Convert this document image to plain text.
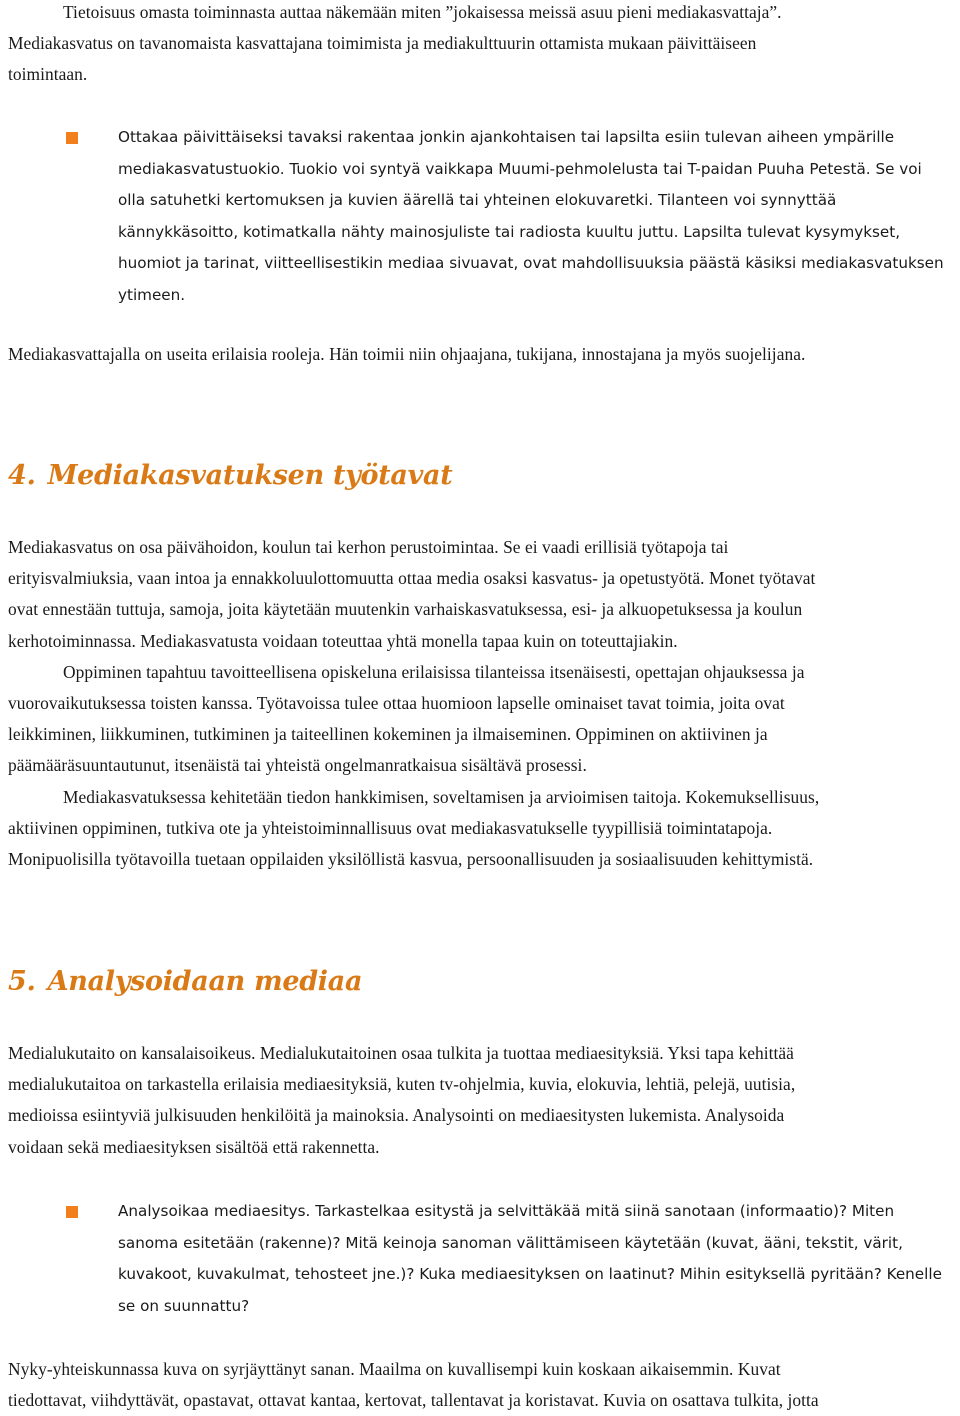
Tietoisuus omasta toiminnasta auttaa näkemään miten ”jokaisessa meissä asuu pieni mediakasvattaja”.

Mediakasvatus on tavanomaista kasvattajana toimimista ja mediakulttuurin ottamista mukaan päivittäiseen

toimintaan.

Ottakaa päivittäiseksi tavaksi rakentaa jonkin ajankohtaisen tai lapsilta esiin tulevan aiheen ympärille

mediakasvatustuokio. Tuokio voi syntyä vaikkapa Muumi-pehmolelusta tai T-paidan Puuha Petestä. Se voi

olla satuhetki kertomuksen ja kuvien äärellä tai yhteinen elokuvaretki. Tilanteen voi synnyttää

kännykkäsoitto, kotimatkalla nähty mainosjuliste tai radiosta kuultu juttu. Lapsilta tulevat kysymykset,

huomiot ja tarinat, viitteellisestikin mediaa sivuavat, ovat mahdollisuuksia päästä käsiksi mediakasvatuksen

ytimeen.

Mediakasvattajalla on useita erilaisia rooleja. Hän toimii niin ohjaajana, tukijana, innostajana ja myös suojelijana.

4. Mediakasvatuksen työtavat

Mediakasvatus on osa päivähoidon, koulun tai kerhon perustoimintaa. Se ei vaadi erillisiä työtapoja tai

erityisvalmiuksia, vaan intoa ja ennakkoluulottomuutta ottaa media osaksi kasvatus- ja opetustyötä. Monet työtavat

ovat ennestään tuttuja, samoja, joita käytetään muutenkin varhaiskasvatuksessa, esi- ja alkuopetuksessa ja koulun

kerhotoiminnassa. Mediakasvatusta voidaan toteuttaa yhtä monella tapaa kuin on toteuttajiakin.

Oppiminen tapahtuu tavoitteellisena opiskeluna erilaisissa tilanteissa itsenäisesti, opettajan ohjauksessa ja

vuorovaikutuksessa toisten kanssa. Työtavoissa tulee ottaa huomioon lapselle ominaiset tavat toimia, joita ovat

leikkiminen, liikkuminen, tutkiminen ja taiteellinen kokeminen ja ilmaiseminen. Oppiminen on aktiivinen ja

päämääräsuuntautunut, itsenäistä tai yhteistä ongelmanratkaisua sisältävä prosessi.

Mediakasvatuksessa kehitetään tiedon hankkimisen, soveltamisen ja arvioimisen taitoja. Kokemuksellisuus,

aktiivinen oppiminen, tutkiva ote ja yhteistoiminnallisuus ovat mediakasvatukselle tyypillisiä toimintatapoja.

Monipuolisilla työtavoilla tuetaan oppilaiden yksilöllistä kasvua, persoonallisuuden ja sosiaalisuuden kehittymistä.

5. Analysoidaan mediaa

Medialukutaito on kansalaisoikeus. Medialukutaitoinen osaa tulkita ja tuottaa mediaesityksiä. Yksi tapa kehittää

medialukutaitoa on tarkastella erilaisia mediaesityksiä, kuten tv-ohjelmia, kuvia, elokuvia, lehtiä, pelejä, uutisia,

medioissa esiintyviä julkisuuden henkilöitä ja mainoksia. Analysointi on mediaesitysten lukemista. Analysoida

voidaan sekä mediaesityksen sisältöä että rakennetta.

Analysoikaa mediaesitys. Tarkastelkaa esitystä ja selvittäkää mitä siinä sanotaan (informaatio)? Miten

sanoma esitetään (rakenne)? Mitä keinoja sanoman välittämiseen käytetään (kuvat, ääni, tekstit, värit,

kuvakoot, kuvakulmat, tehosteet jne.)? Kuka mediaesityksen on laatinut? Mihin esityksellä pyritään? Kenelle

se on suunnattu?

Nyky-yhteiskunnassa kuva on syrjäyttänyt sanan. Maailma on kuvallisempi kuin koskaan aikaisemmin. Kuvat

tiedottavat, viihdyttävät, opastavat, ottavat kantaa, kertovat, tallentavat ja koristavat. Kuvia on osattava tulkita, jotta
